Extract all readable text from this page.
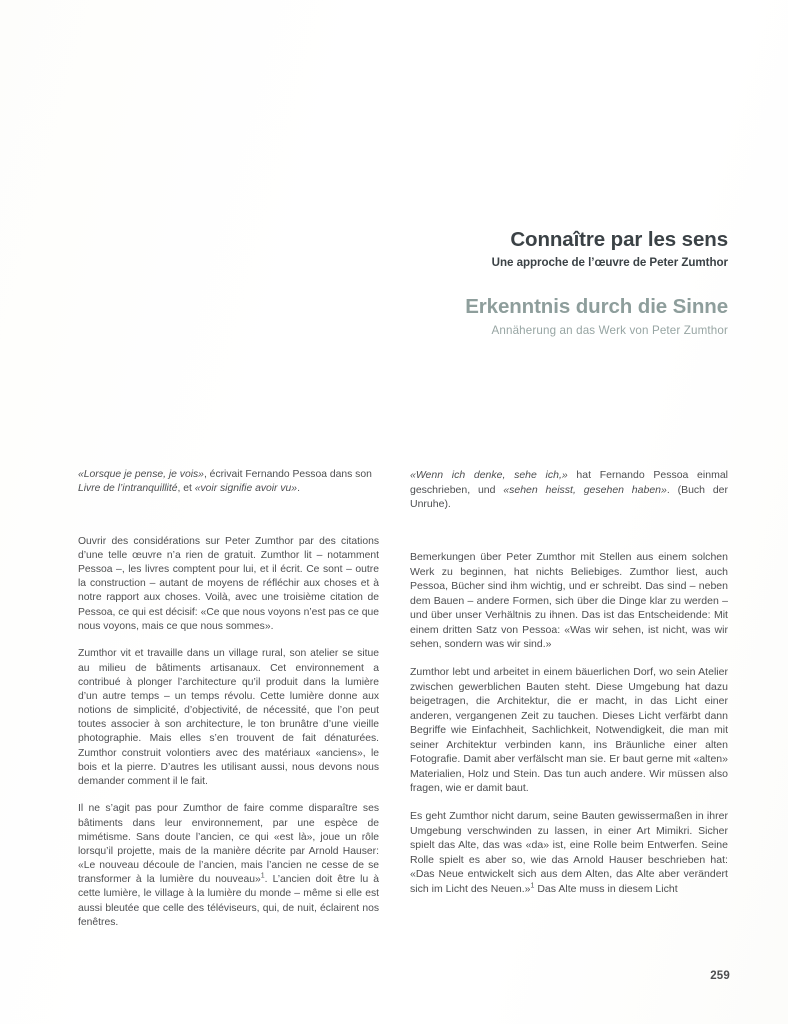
Connaître par les sens
Une approche de l’œuvre de Peter Zumthor
Erkenntnis durch die Sinne
Annäherung an das Werk von Peter Zumthor

«Lorsque je pense, je vois», écrivait Fernando Pessoa dans son Livre de l’intranquillité, et «voir signifie avoir vu».

Ouvrir des considérations sur Peter Zumthor par des citations d’une telle œuvre n’a rien de gratuit. Zumthor lit – notamment Pessoa –, les livres comptent pour lui, et il écrit. Ce sont – outre la construction – autant de moyens de réfléchir aux choses et à notre rapport aux choses. Voilà, avec une troisième citation de Pessoa, ce qui est décisif: «Ce que nous voyons n’est pas ce que nous voyons, mais ce que nous sommes».

Zumthor vit et travaille dans un village rural, son atelier se situe au milieu de bâtiments artisanaux. Cet environnement a contribué à plonger l’architecture qu’il produit dans la lumière d’un autre temps – un temps révolu. Cette lumière donne aux notions de simplicité, d’objectivité, de nécessité, que l’on peut toutes associer à son architecture, le ton brunâtre d’une vieille photographie. Mais elles s’en trouvent de fait dénaturées. Zumthor construit volontiers avec des matériaux «anciens», le bois et la pierre. D’autres les utilisant aussi, nous devons nous demander comment il le fait.

Il ne s’agit pas pour Zumthor de faire comme disparaître ses bâtiments dans leur environnement, par une espèce de mimétisme. Sans doute l’ancien, ce qui «est là», joue un rôle lorsqu’il projette, mais de la manière décrite par Arnold Hauser: «Le nouveau découle de l’ancien, mais l’ancien ne cesse de se transformer à la lumière du nouveau»$^1$. L’ancien doit être lu à cette lumière, le village à la lumière du monde – même si elle est aussi bleutée que celle des téléviseurs, qui, de nuit, éclairent nos fenêtres.

«Wenn ich denke, sehe ich,» hat Fernando Pessoa einmal geschrieben, und «sehen heisst, gesehen haben». (Buch der Unruhe).

Bemerkungen über Peter Zumthor mit Stellen aus einem solchen Werk zu beginnen, hat nichts Beliebiges. Zumthor liest, auch Pessoa, Bücher sind ihm wichtig, und er schreibt. Das sind – neben dem Bauen – andere Formen, sich über die Dinge klar zu werden – und über unser Verhältnis zu ihnen. Das ist das Entscheidende: Mit einem dritten Satz von Pessoa: «Was wir sehen, ist nicht, was wir sehen, sondern was wir sind.»

Zumthor lebt und arbeitet in einem bäuerlichen Dorf, wo sein Atelier zwischen gewerblichen Bauten steht. Diese Umgebung hat dazu beigetragen, die Architektur, die er macht, in das Licht einer anderen, vergangenen Zeit zu tauchen. Dieses Licht verfärbt dann Begriffe wie Einfachheit, Sachlichkeit, Notwendigkeit, die man mit seiner Architektur verbinden kann, ins Bräunliche einer alten Fotografie. Damit aber verfälscht man sie. Er baut gerne mit «alten» Materialien, Holz und Stein. Das tun auch andere. Wir müssen also fragen, wie er damit baut.

Es geht Zumthor nicht darum, seine Bauten gewissermaßen in ihrer Umgebung verschwinden zu lassen, in einer Art Mimikri. Sicher spielt das Alte, das was «da» ist, eine Rolle beim Entwerfen. Seine Rolle spielt es aber so, wie das Arnold Hauser beschrieben hat: «Das Neue entwickelt sich aus dem Alten, das Alte aber verändert sich im Licht des Neuen.»$^1$ Das Alte muss in diesem Licht

259
